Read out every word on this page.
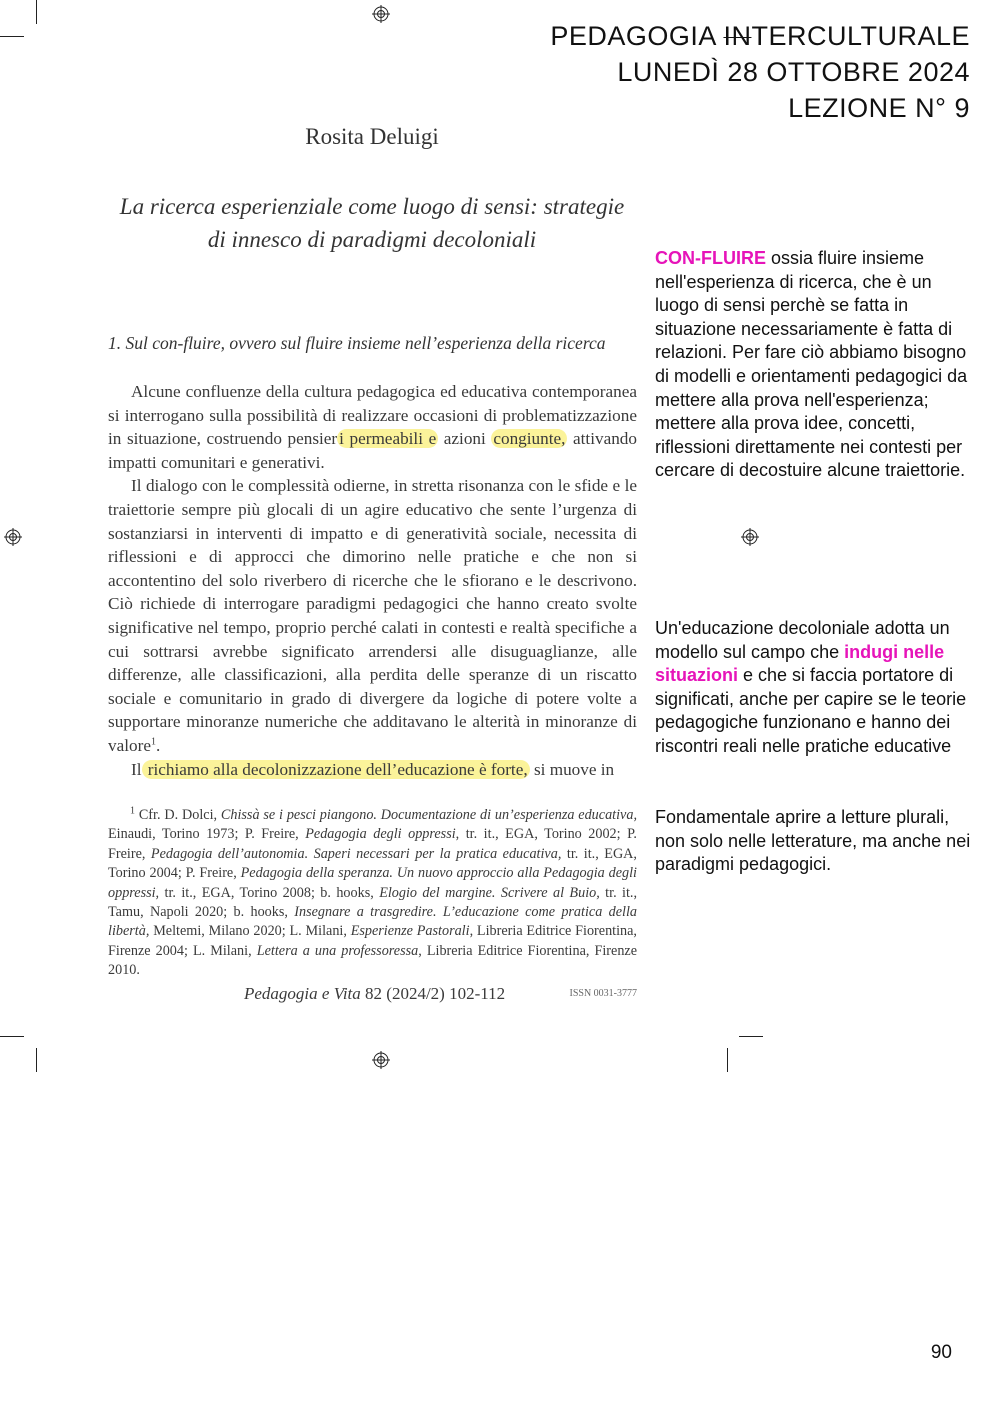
PEDAGOGIA INTERCULTURALE
LUNEDÌ 28 OTTOBRE 2024
LEZIONE N° 9
Rosita Deluigi
La ricerca esperienziale come luogo di sensi: strategie
di innesco di paradigmi decoloniali
1. Sul con-fluire, ovvero sul fluire insieme nell’esperienza della ricerca

Alcune confluenze della cultura pedagogica ed educativa contemporanea si interrogano sulla possibilità di realizzare occasioni di problematizzazione in situazione, costruendo pensier i permeabili e azioni congiunte, attivando impatti comunitari e generativi.

Il dialogo con le complessità odierne, in stretta risonanza con le sfide e le traiettorie sempre più glocali di un agire educativo che sente l’urgenza di sostanziarsi in interventi di impatto e di generatività sociale, necessita di riflessioni e di approcci che dimorino nelle pratiche e che non si accontentino del solo riverbero di ricerche che le sfiorano e le descrivono. Ciò richiede di interrogare paradigmi pedagogici che hanno creato svolte significative nel tempo, proprio perché calati in contesti e realtà specifiche a cui sottrarsi avrebbe significato arrendersi alle disuguaglianze, alle differenze, alle classificazioni, alla perdita delle speranze di un riscatto sociale e comunitario in grado di divergere da logiche di potere volte a supportare minoranze numeriche che additavano le alterità in minoranze di valore$^1$.

Il richiamo alla decolonizzazione dell’educazione è forte, si muove in

$^1$ Cfr. D. Dolci, Chissà se i pesci piangono. Documentazione di un’esperienza educativa, Einaudi, Torino 1973; P. Freire, Pedagogia degli oppressi, tr. it., EGA, Torino 2002; P. Freire, Pedagogia dell’autonomia. Saperi necessari per la pratica educativa, tr. it., EGA, Torino 2004; P. Freire, Pedagogia della speranza. Un nuovo approccio alla Pedagogia degli oppressi, tr. it., EGA, Torino 2008; b. hooks, Elogio del margine. Scrivere al Buio, tr. it., Tamu, Napoli 2020; b. hooks, Insegnare a trasgredire. L’educazione come pratica della libertà, Meltemi, Milano 2020; L. Milani, Esperienze Pastorali, Libreria Editrice Fiorentina, Firenze 2004; L. Milani, Lettera a una professoressa, Libreria Editrice Fiorentina, Firenze 2010.

Pedagogia e Vita 82 (2024/2) 102-112	ISSN 0031-3777
CON-FLUIRE ossia fluire insieme nell'esperienza di ricerca, che è un luogo di sensi perchè se fatta in situazione necessariamente è fatta di relazioni. Per fare ciò abbiamo bisogno di modelli e orientamenti pedagogici da mettere alla prova nell'esperienza; mettere alla prova idee, concetti, riflessioni direttamente nei contesti per cercare di decostuire alcune traiettorie.
Un'educazione decoloniale adotta un modello sul campo che indugi nelle situazioni e che si faccia portatore di significati, anche per capire se le teorie pedagogiche funzionano e hanno dei riscontri reali nelle pratiche educative
Fondamentale aprire a letture plurali, non solo nelle letterature, ma anche nei paradigmi pedagogici.
90
